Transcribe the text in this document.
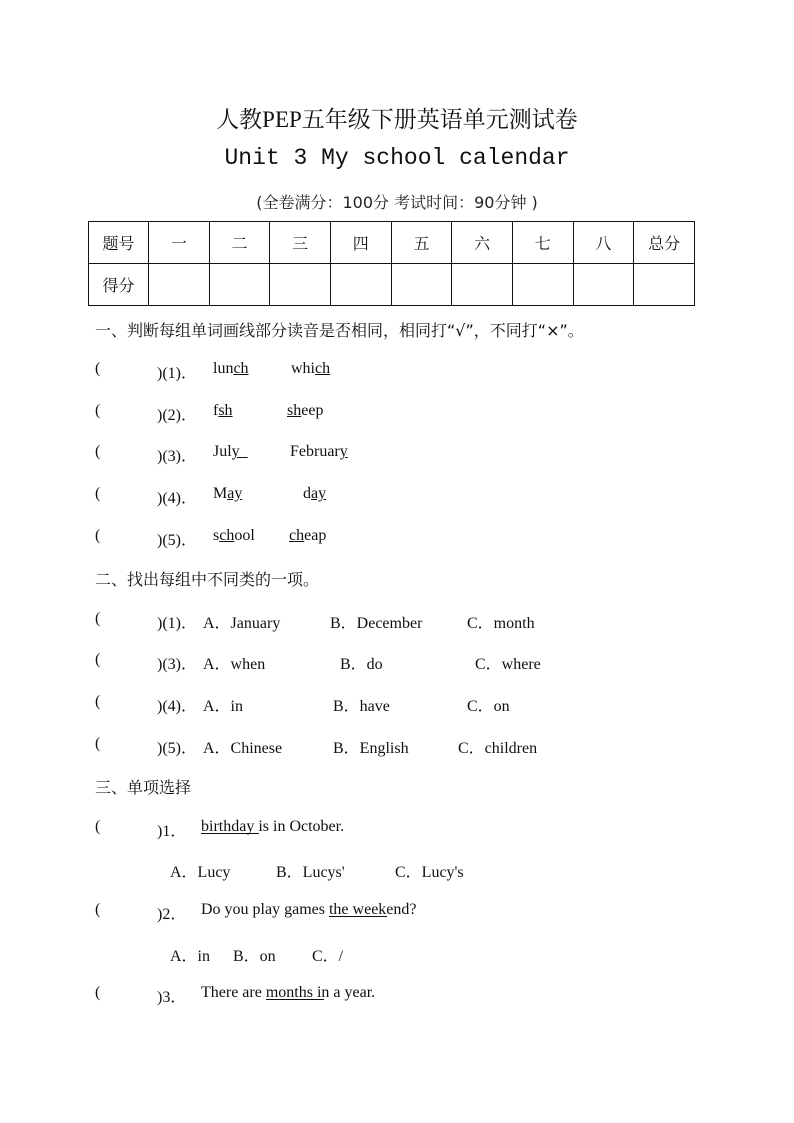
人教PEP五年级下册英语单元测试卷
Unit 3 My school calendar
(全卷满分：100分 考试时间：90分钟 )
题号	一	二	三	四	五	六	七	八	总分
得分									
一、判断每组单词画线部分读音是否相同，相同打“√”，不同打“×”。
(	)(1)． lunch	which
(	)(2)． fsh	sheep
(	)(3)． July	February
(	)(4)． May	day
(	)(5)． school cheap
二、找出每组中不同类的一项。
(	)(1)． A．January	B．December	C．month
(	)(3)． A．when	B．do	C．where
(	)(4)． A．in	B．have	C．on
(	)(5)． A．Chinese	B．English	C．children
三、单项选择
(	)1． birthday is in October.
A．Lucy	B．Lucys'	C．Lucy's
(	)2． Do you play games
the weekend?
A．in B．on C．/
(	)3． There are
months in a year.
